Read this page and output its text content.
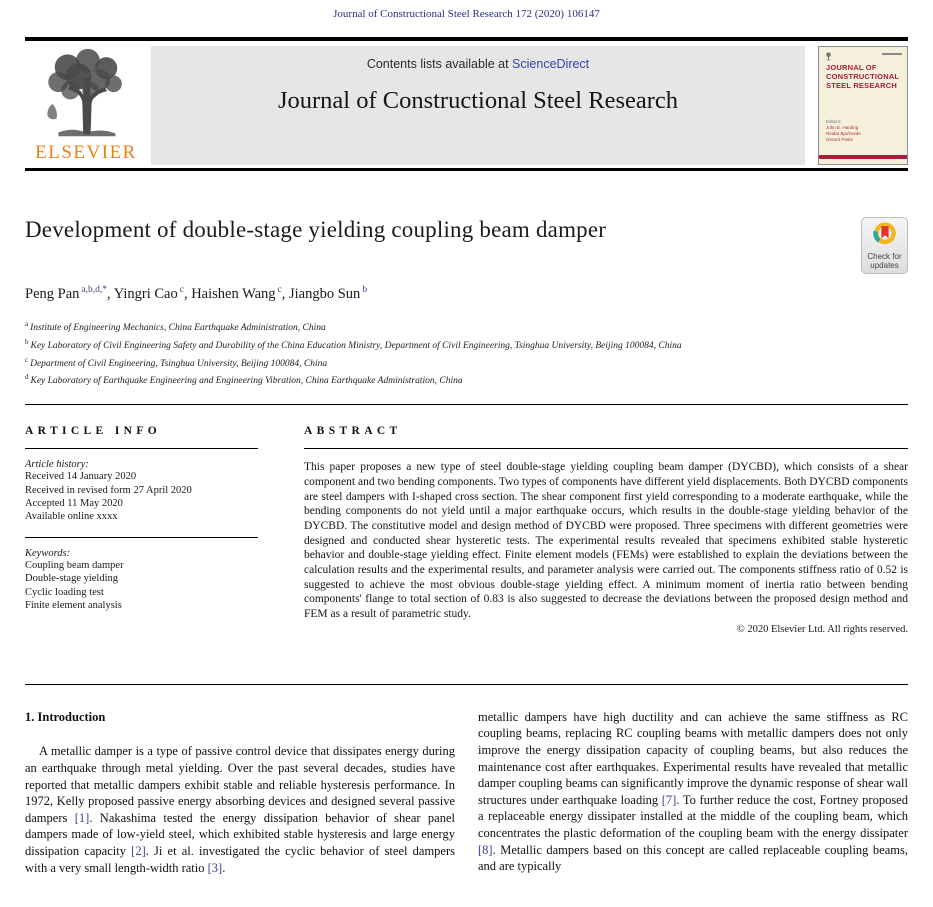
Journal of Constructional Steel Research 172 (2020) 106147
ELSEVIER
Contents lists available at ScienceDirect
Journal of Constructional Steel Research
JOURNAL OF
CONSTRUCTIONAL
STEEL RESEARCH
Editors:
John E. Harding
Reidar Bjorhovde
Gerard Parke
Development of double-stage yielding coupling beam damper
Check for
updates
Peng Pan $^{a,b,d,*}$, Yingri Cao $^c$, Haishen Wang $^c$, Jiangbo Sun $^b$
$^a$ Institute of Engineering Mechanics, China Earthquake Administration, China
$^b$ Key Laboratory of Civil Engineering Safety and Durability of the China Education Ministry, Department of Civil Engineering, Tsinghua University, Beijing 100084, China
$^c$ Department of Civil Engineering, Tsinghua University, Beijing 100084, China
$^d$ Key Laboratory of Earthquake Engineering and Engineering Vibration, China Earthquake Administration, China
ARTICLE INFO
Article history:
Received 14 January 2020
Received in revised form 27 April 2020
Accepted 11 May 2020
Available online xxxx
Keywords:
Coupling beam damper
Double-stage yielding
Cyclic loading test
Finite element analysis
ABSTRACT
This paper proposes a new type of steel double-stage yielding coupling beam damper (DYCBD), which consists of a shear component and two bending components. Two types of components have different yield displacements. Both DYCBD components are steel dampers with I-shaped cross section. The shear component first yield corresponding to a moderate earthquake, while the bending components do not yield until a major earthquake occurs, which results in the double-stage yielding behavior of the DYCBD. The constitutive model and design method of DYCBD were proposed. Three specimens with different geometries were designed and conducted shear hysteretic tests. The experimental results revealed that specimens exhibited stable hysteretic behavior and double-stage yielding effect. Finite element models (FEMs) were established to explain the deviations between the calculation results and the experimental results, and parameter analysis were carried out. The components stiffness ratio of 0.52 is suggested to achieve the most obvious double-stage yielding effect. A minimum moment of inertia ratio between bending components' flange to total section of 0.83 is also suggested to decrease the deviations between the proposed design method and FEM as a result of parametric study.
© 2020 Elsevier Ltd. All rights reserved.
1. Introduction

A metallic damper is a type of passive control device that dissipates energy during an earthquake through metal yielding. Over the past several decades, studies have reported that metallic dampers exhibit stable and reliable hysteresis performance. In 1972, Kelly proposed passive energy absorbing devices and designed several passive dampers [1]. Nakashima tested the energy dissipation behavior of shear panel dampers made of low-yield steel, which exhibited stable hysteresis and large energy dissipation capacity [2]. Ji et al. investigated the cyclic behavior of steel dampers with a very small length-width ratio [3].

metallic dampers have high ductility and can achieve the same stiffness as RC coupling beams, replacing RC coupling beams with metallic dampers does not only improve the energy dissipation capacity of coupling beams, but also reduces the maintenance cost after earthquakes. Experimental results have revealed that metallic damper coupling beams can significantly improve the dynamic response of shear wall structures under earthquake loading [7]. To further reduce the cost, Fortney proposed a replaceable energy dissipater installed at the middle of the coupling beam, which concentrates the plastic deformation of the coupling beam with the energy dissipater [8]. Metallic dampers based on this concept are called replaceable coupling beams, and are typically
